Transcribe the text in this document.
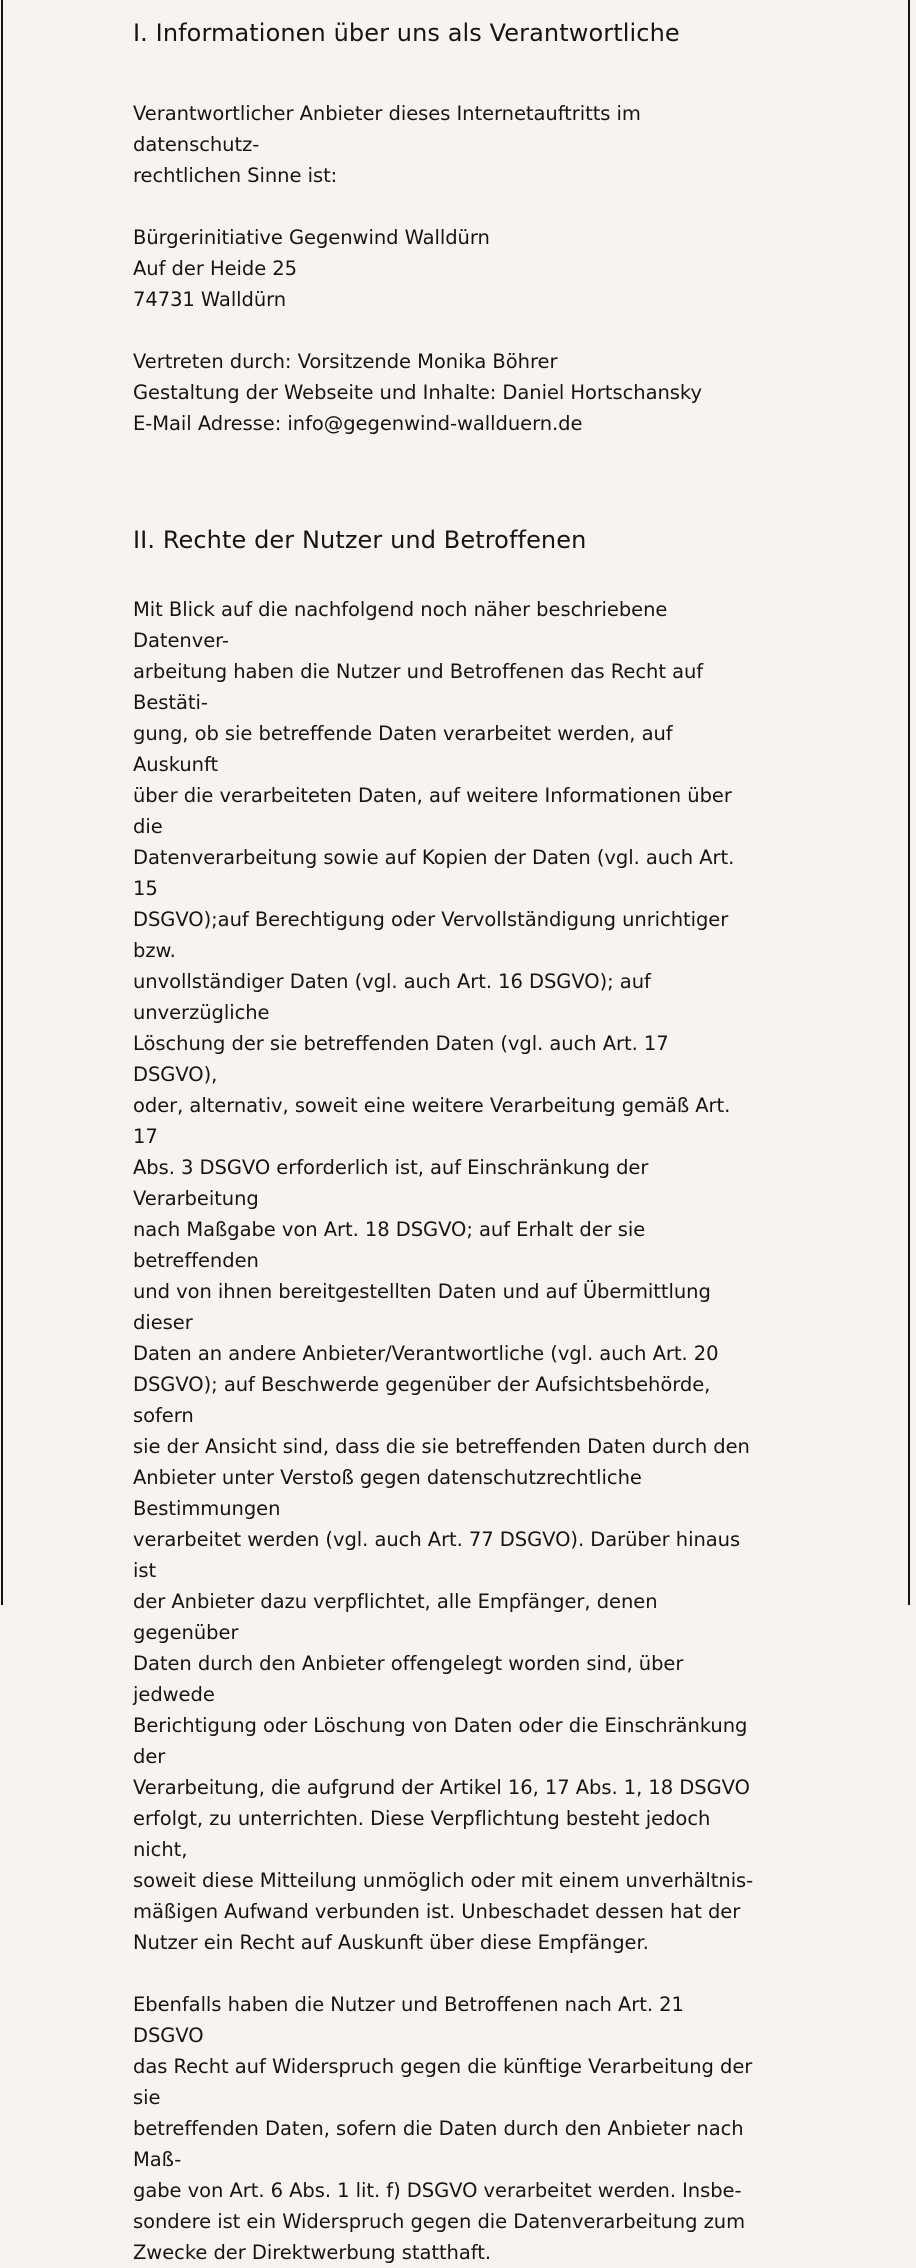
I. Informationen über uns als Verantwortliche

Verantwortlicher Anbieter dieses Internetauftritts im datenschutz-
rechtlichen Sinne ist:

Bürgerinitiative Gegenwind Walldürn
Auf der Heide 25
74731 Walldürn

Vertreten durch: Vorsitzende Monika Böhrer
Gestaltung der Webseite und Inhalte: Daniel Hortschansky
E-Mail Adresse: info@gegenwind-wallduern.de

II. Rechte der Nutzer und Betroffenen

Mit Blick auf die nachfolgend noch näher beschriebene Datenver-
arbeitung haben die Nutzer und Betroffenen das Recht auf Bestäti-
gung, ob sie betreffende Daten verarbeitet werden, auf Auskunft
über die verarbeiteten Daten, auf weitere Informationen über die
Datenverarbeitung sowie auf Kopien der Daten (vgl. auch Art. 15
DSGVO);auf Berechtigung oder Vervollständigung unrichtiger bzw.
unvollständiger Daten (vgl. auch Art. 16 DSGVO); auf unverzügliche
Löschung der sie betreffenden Daten (vgl. auch Art. 17 DSGVO),
oder, alternativ, soweit eine weitere Verarbeitung gemäß Art. 17
Abs. 3 DSGVO erforderlich ist, auf Einschränkung der Verarbeitung
nach Maßgabe von Art. 18 DSGVO; auf Erhalt der sie betreffenden
und von ihnen bereitgestellten Daten und auf Übermittlung dieser
Daten an andere Anbieter/Verantwortliche (vgl. auch Art. 20
DSGVO); auf Beschwerde gegenüber der Aufsichtsbehörde, sofern
sie der Ansicht sind, dass die sie betreffenden Daten durch den
Anbieter unter Verstoß gegen datenschutzrechtliche Bestimmungen
verarbeitet werden (vgl. auch Art. 77 DSGVO). Darüber hinaus ist
der Anbieter dazu verpflichtet, alle Empfänger, denen gegenüber
Daten durch den Anbieter offengelegt worden sind, über jedwede
Berichtigung oder Löschung von Daten oder die Einschränkung der
Verarbeitung, die aufgrund der Artikel 16, 17 Abs. 1, 18 DSGVO
erfolgt, zu unterrichten. Diese Verpflichtung besteht jedoch nicht,
soweit diese Mitteilung unmöglich oder mit einem unverhältnis-
mäßigen Aufwand verbunden ist. Unbeschadet dessen hat der
Nutzer ein Recht auf Auskunft über diese Empfänger.

Ebenfalls haben die Nutzer und Betroffenen nach Art. 21 DSGVO
das Recht auf Widerspruch gegen die künftige Verarbeitung der sie
betreffenden Daten, sofern die Daten durch den Anbieter nach Maß-
gabe von Art. 6 Abs. 1 lit. f) DSGVO verarbeitet werden. Insbe-
sondere ist ein Widerspruch gegen die Datenverarbeitung zum
Zwecke der Direktwerbung statthaft.
